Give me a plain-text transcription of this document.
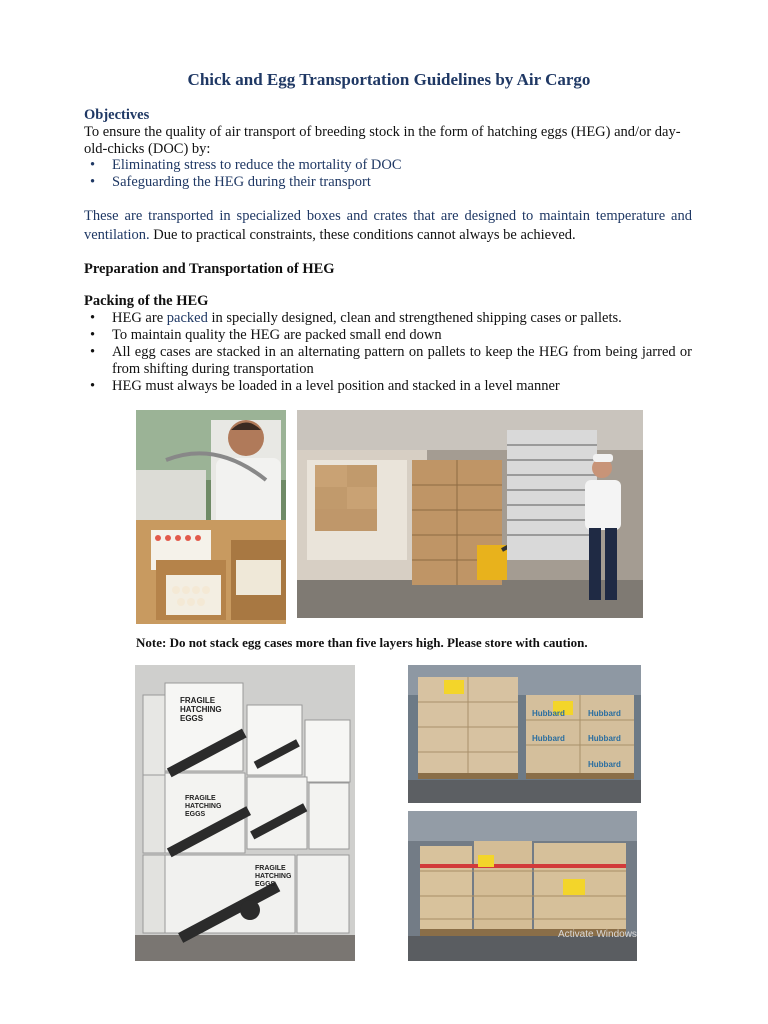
Chick and Egg Transportation Guidelines by Air Cargo
Objectives
To ensure the quality of air transport of breeding stock in the form of hatching eggs (HEG) and/or day-old-chicks (DOC) by:
• Eliminating stress to reduce the mortality of DOC
• Safeguarding the HEG during their transport
These are transported in specialized boxes and crates that are designed to maintain temperature and ventilation. Due to practical constraints, these conditions cannot always be achieved.
Preparation and Transportation of HEG
Packing of the HEG
• HEG are packed in specially designed, clean and strengthened shipping cases or pallets.
• To maintain quality the HEG are packed small end down
• All egg cases are stacked in an alternating pattern on pallets to keep the HEG from being jarred or from shifting during transportation
• HEG must always be loaded in a level position and stacked in a level manner
Note: Do not stack egg cases more than five layers high. Please store with caution.
FRAGILE
HATCHING
EGGS
FRAGILE
HATCHING
EGGS
FRAGILE
HATCHING
EGGS
Hubbard	Hubbard
Hubbard	Hubbard
Hubbard
Activate Windows
